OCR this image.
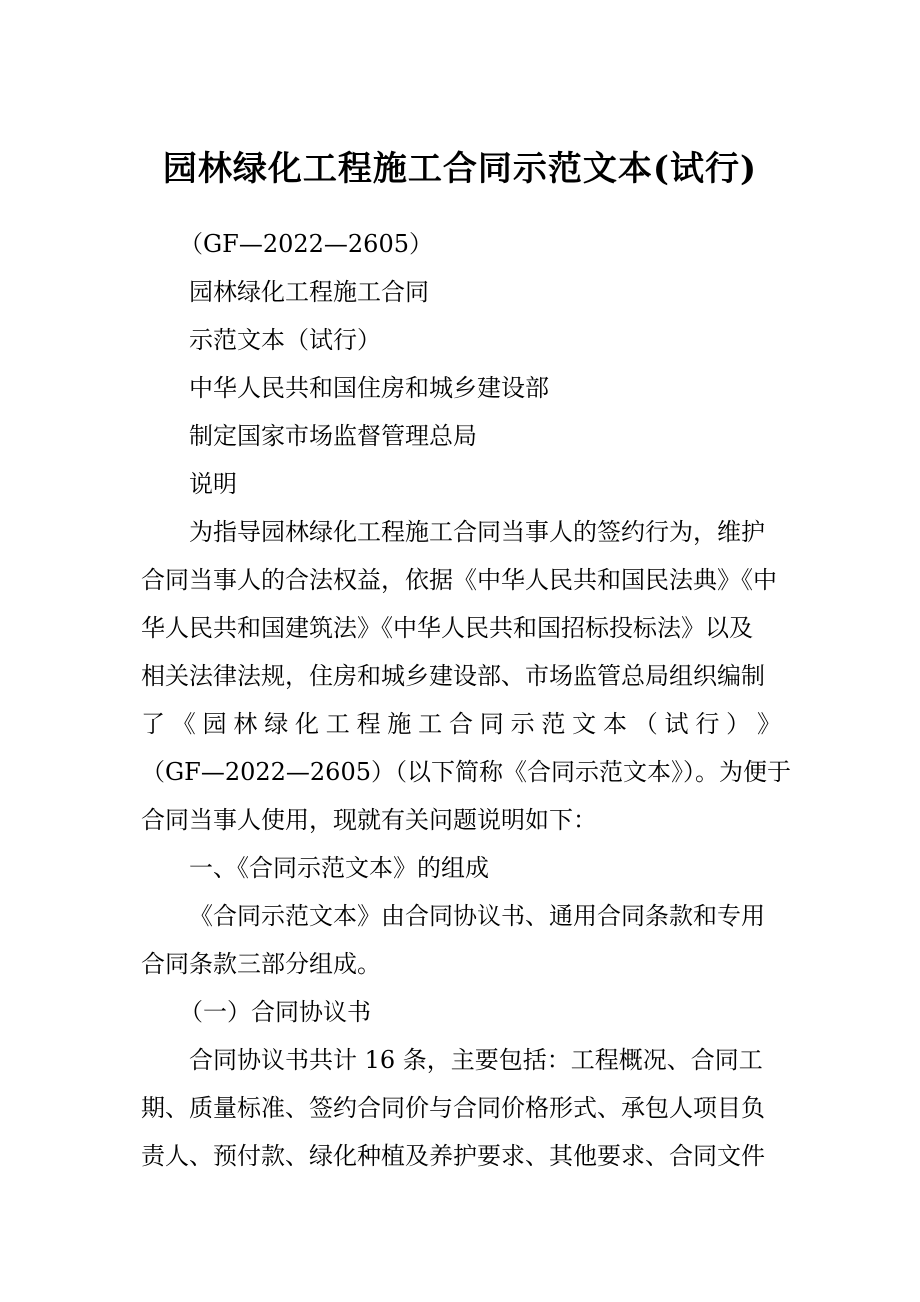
园林绿化工程施工合同示范文本(试行)

（GF—2022—2605）

园林绿化工程施工合同

示范文本（试行）

中华人民共和国住房和城乡建设部

制定国家市场监督管理总局

说明

为指导园林绿化工程施工合同当事人的签约行为，维护

合同当事人的合法权益，依据《中华人民共和国民法典》《中

华人民共和国建筑法》《中华人民共和国招标投标法》以及

相关法律法规，住房和城乡建设部、市场监管总局组织编制

了 《 园 林 绿 化 工 程 施 工 合 同 示 范 文 本 （ 试 行 ） 》

（GF—2022—2605）（以下简称《合同示范文本》）。为便于

合同当事人使用，现就有关问题说明如下：

一、《合同示范文本》的组成

《合同示范文本》由合同协议书、通用合同条款和专用

合同条款三部分组成。

（一）合同协议书

合同协议书共计 16 条，主要包括：工程概况、合同工

期、质量标准、签约合同价与合同价格形式、承包人项目负

责人、预付款、绿化种植及养护要求、其他要求、合同文件
